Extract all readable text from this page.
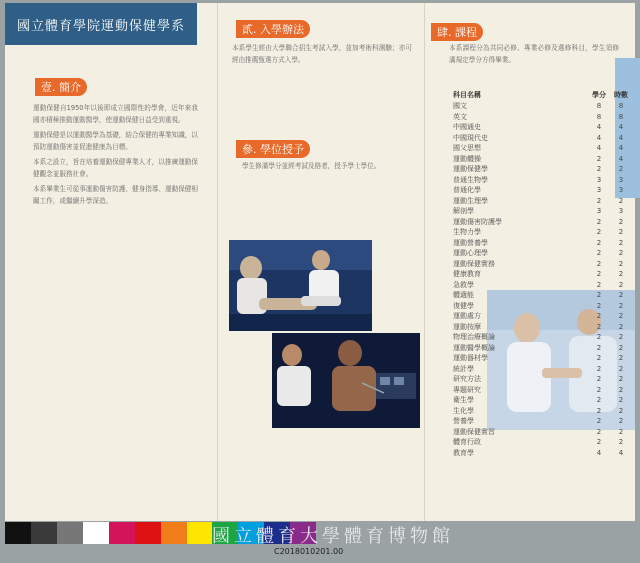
國立體育學院運動保健學系
壹. 簡介

運動保健自1950年以後即成立國際性的學會，近年來我國亦積極推動運動醫學，使運動保健日益受到重視。

運動保健是以運動醫學為基礎，結合保健的專業知識，以預防運動傷害並促進健康為目標。

本系之設立，旨在培養運動保健專業人才，以推廣運動保健觀念並服務社會。

本系畢業生可從事運動傷害防護、健身指導、運動保健相關工作，或繼續升學深造。

貳. 入學辦法

本系學生經由大學聯合招生考試入學，並加考術科測驗；亦可經由推薦甄選方式入學。

參. 學位授予

學生修滿學分並經考試及格者，授予學士學位。

肆. 課程

本系課程分為共同必修、專業必修及選修科目，學生須修滿規定學分方得畢業。

科目名稱	學分	時數
國文	8	8
英文	8	8
中國通史	4	4
中國現代史	4	4
國父思想	4	4
運動體操	2	4
運動保健學	2	2
普通生物學	3	3
普通化學	3	3
運動生理學	2	2
解剖學	3	3
運動傷害防護學	2	2
生物力學	2	2
運動營養學	2	2
運動心理學	2	2
運動保健實務	2	2
健康教育	2	2
急救學	2	2
體適能	2	2
復健學	2	2
運動處方	2	2
運動按摩	2	2
物理治療概論	2	2
運動醫學概論	2	2
運動器材學	2	2
統計學	2	2
研究方法	2	2
專題研究	2	2
衛生學	2	2
生化學	2	2
營養學	2	2
運動保健實習	2	2
體育行政	2	2
教育學	4	4
國立體育大學體育博物館
C2018010201.00
